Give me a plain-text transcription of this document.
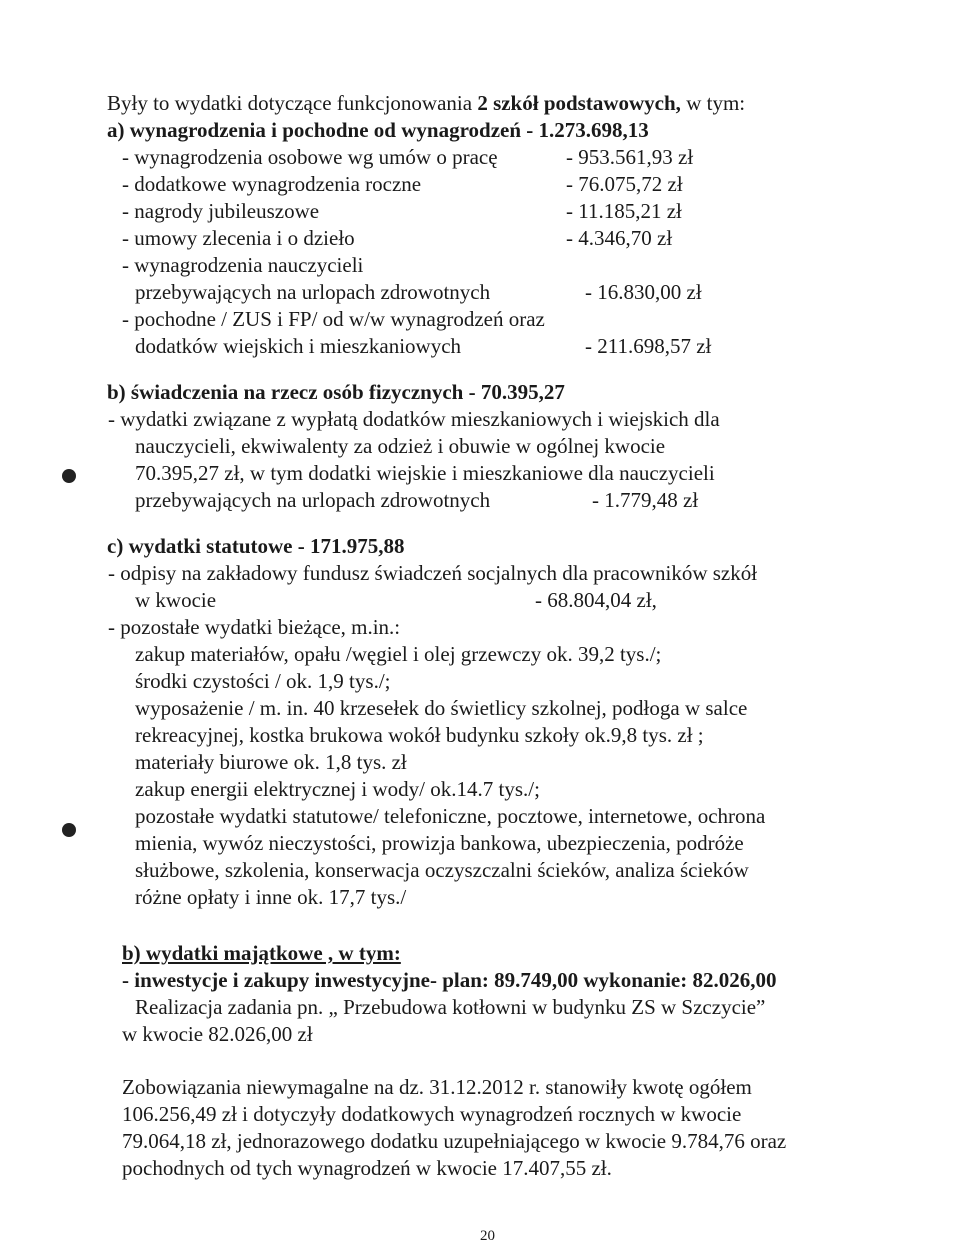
Były to wydatki dotyczące funkcjonowania 2 szkół podstawowych, w tym:
a) wynagrodzenia i pochodne od wynagrodzeń - 1.273.698,13
- wynagrodzenia osobowe wg umów o pracę	- 953.561,93 zł
- dodatkowe wynagrodzenia roczne	- 76.075,72 zł
- nagrody jubileuszowe	- 11.185,21 zł
- umowy zlecenia i o dzieło	- 4.346,70 zł
- wynagrodzenia nauczycieli
przebywających na urlopach zdrowotnych	- 16.830,00 zł
- pochodne / ZUS i FP/ od w/w wynagrodzeń oraz
dodatków wiejskich i mieszkaniowych	- 211.698,57 zł
b) świadczenia na rzecz osób fizycznych - 70.395,27
- wydatki związane z wypłatą dodatków mieszkaniowych i wiejskich dla
nauczycieli, ekwiwalenty za odzież i obuwie w ogólnej kwocie
70.395,27 zł, w tym dodatki wiejskie i mieszkaniowe dla nauczycieli
przebywających na urlopach zdrowotnych	- 1.779,48 zł
c) wydatki statutowe - 171.975,88
- odpisy na zakładowy fundusz świadczeń socjalnych dla pracowników szkół
w kwocie	- 68.804,04 zł,
- pozostałe wydatki bieżące, m.in.:
zakup materiałów, opału /węgiel i olej grzewczy ok. 39,2 tys./;
środki czystości / ok. 1,9 tys./;
wyposażenie / m. in. 40 krzesełek do świetlicy szkolnej, podłoga w salce
rekreacyjnej, kostka brukowa wokół budynku szkoły ok.9,8 tys. zł ;
materiały biurowe ok. 1,8 tys. zł
zakup energii elektrycznej i wody/ ok.14.7 tys./;
pozostałe wydatki statutowe/ telefoniczne, pocztowe, internetowe, ochrona
mienia, wywóz nieczystości, prowizja bankowa, ubezpieczenia, podróże
służbowe, szkolenia, konserwacja oczyszczalni ścieków, analiza ścieków
różne opłaty i inne ok. 17,7 tys./
b) wydatki majątkowe , w tym:
- inwestycje i zakupy inwestycyjne- plan: 89.749,00 wykonanie: 82.026,00
Realizacja zadania pn. „ Przebudowa kotłowni w budynku ZS w Szczycie”
w kwocie 82.026,00 zł
Zobowiązania niewymagalne na dz. 31.12.2012 r. stanowiły kwotę ogółem
106.256,49 zł i dotyczyły dodatkowych wynagrodzeń rocznych w kwocie
79.064,18 zł, jednorazowego dodatku uzupełniającego w kwocie 9.784,76 oraz
pochodnych od tych wynagrodzeń w kwocie 17.407,55 zł.
20
